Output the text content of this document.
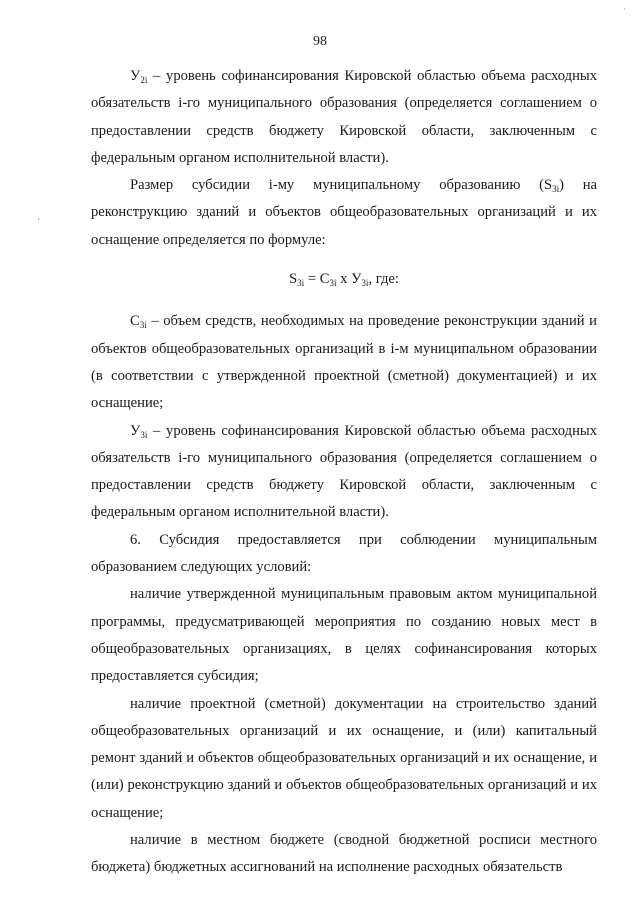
·
98

$У_{2i}$ – уровень софинансирования Кировской областью объема расходных обязательств i-го муниципального образования (определяется соглашением о предоставлении средств бюджету Кировской области, заключенным с федеральным органом исполнительной власти).

Размер субсидии i-му муниципальному образованию $(S_{3i})$ на реконструкцию зданий и объектов общеобразовательных организаций и их оснащение определяется по формуле:

$S_{3i} = C_{3i}$ x $У_{3i}$, где:

$C_{3i}$ – объем средств, необходимых на проведение реконструкции зданий и объектов общеобразовательных организаций в i-м муниципальном образовании (в соответствии с утвержденной проектной (сметной) документацией) и их оснащение;

$У_{3i}$ – уровень софинансирования Кировской областью объема расходных обязательств i-го муниципального образования (определяется соглашением о предоставлении средств бюджету Кировской области, заключенным с федеральным органом исполнительной власти).

6. Субсидия предоставляется при соблюдении муниципальным образованием следующих условий:

наличие утвержденной муниципальным правовым актом муниципальной программы, предусматривающей мероприятия по созданию новых мест в общеобразовательных организациях, в целях софинансирования которых предоставляется субсидия;

наличие проектной (сметной) документации на строительство зданий общеобразовательных организаций и их оснащение, и (или) капитальный ремонт зданий и объектов общеобразовательных организаций и их оснащение, и (или) реконструкцию зданий и объектов общеобразовательных организаций и их оснащение;

наличие в местном бюджете (сводной бюджетной росписи местного бюджета) бюджетных ассигнований на исполнение расходных обязательств
